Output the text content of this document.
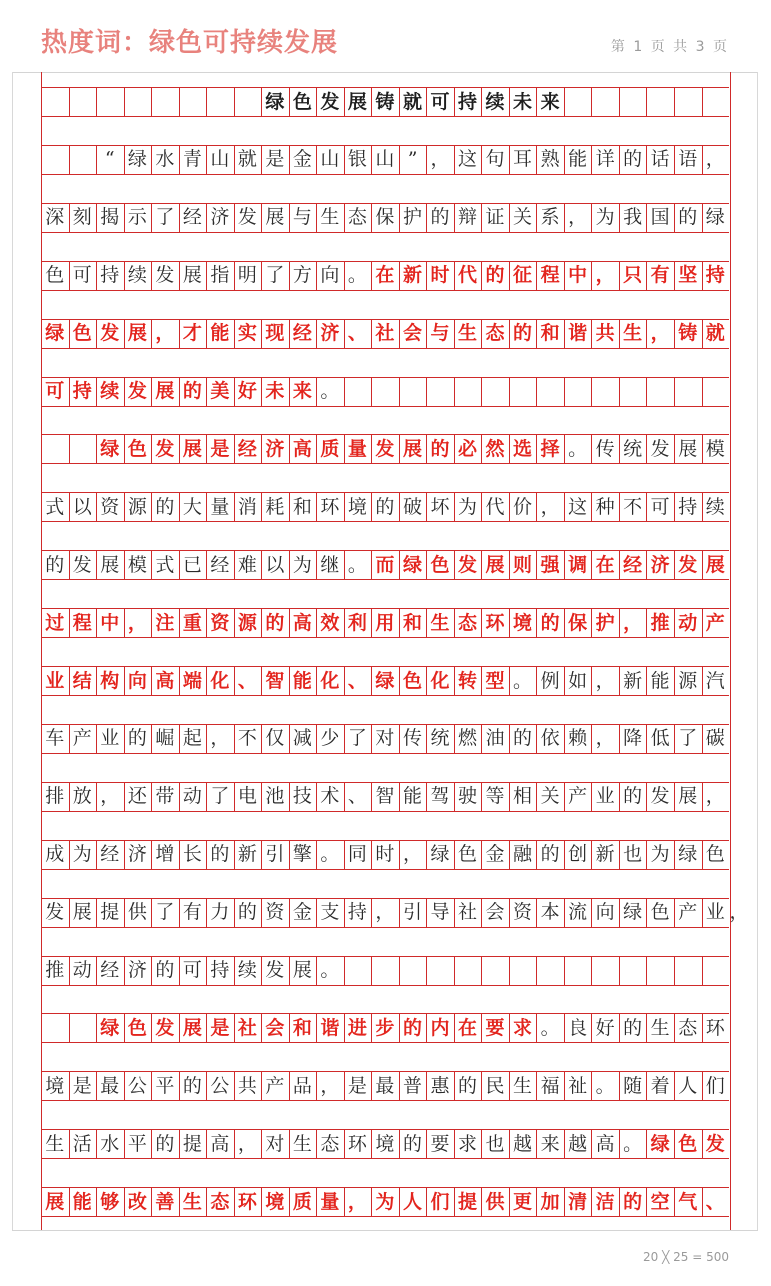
热度词：绿色可持续发展	第 1 页 共 3 页
绿 色 发 展 铸 就 可 持 续 未 来
“ 绿 水 青 山 就 是 金 山 银 山 ” ， 这 句 耳 熟 能 详 的 话 语 ，
深 刻 揭 示 了 经 济 发 展 与 生 态 保 护 的 辩 证 关 系 ， 为 我 国 的 绿
色 可 持 续 发 展 指 明 了 方 向 。 在 新 时 代 的 征 程 中 ， 只 有 坚 持
绿 色 发 展 ， 才 能 实 现 经 济 、 社 会 与 生 态 的 和 谐 共 生 ， 铸 就
可 持 续 发 展 的 美 好 未 来 。
绿 色 发 展 是 经 济 高 质 量 发 展 的 必 然 选 择 。 传 统 发 展 模
式 以 资 源 的 大 量 消 耗 和 环 境 的 破 坏 为 代 价 ， 这 种 不 可 持 续
的 发 展 模 式 已 经 难 以 为 继 。 而 绿 色 发 展 则 强 调 在 经 济 发 展
过 程 中 ， 注 重 资 源 的 高 效 利 用 和 生 态 环 境 的 保 护 ， 推 动 产
业 结 构 向 高 端 化 、 智 能 化 、 绿 色 化 转 型 。 例 如 ， 新 能 源 汽
车 产 业 的 崛 起 ， 不 仅 减 少 了 对 传 统 燃 油 的 依 赖 ， 降 低 了 碳
排 放 ， 还 带 动 了 电 池 技 术 、 智 能 驾 驶 等 相 关 产 业 的 发 展 ，
成 为 经 济 增 长 的 新 引 擎 。 同 时 ， 绿 色 金 融 的 创 新 也 为 绿 色
发 展 提 供 了 有 力 的 资 金 支 持 ， 引 导 社 会 资 本 流 向 绿 色 产 业 ，
推 动 经 济 的 可 持 续 发 展 。
绿 色 发 展 是 社 会 和 谐 进 步 的 内 在 要 求 。 良 好 的 生 态 环
境 是 最 公 平 的 公 共 产 品 ， 是 最 普 惠 的 民 生 福 祉 。 随 着 人 们
生 活 水 平 的 提 高 ， 对 生 态 环 境 的 要 求 也 越 来 越 高 。 绿 色 发
展 能 够 改 善 生 态 环 境 质 量 ， 为 人 们 提 供 更 加 清 洁 的 空 气 、
20 ╳ 25 = 500
